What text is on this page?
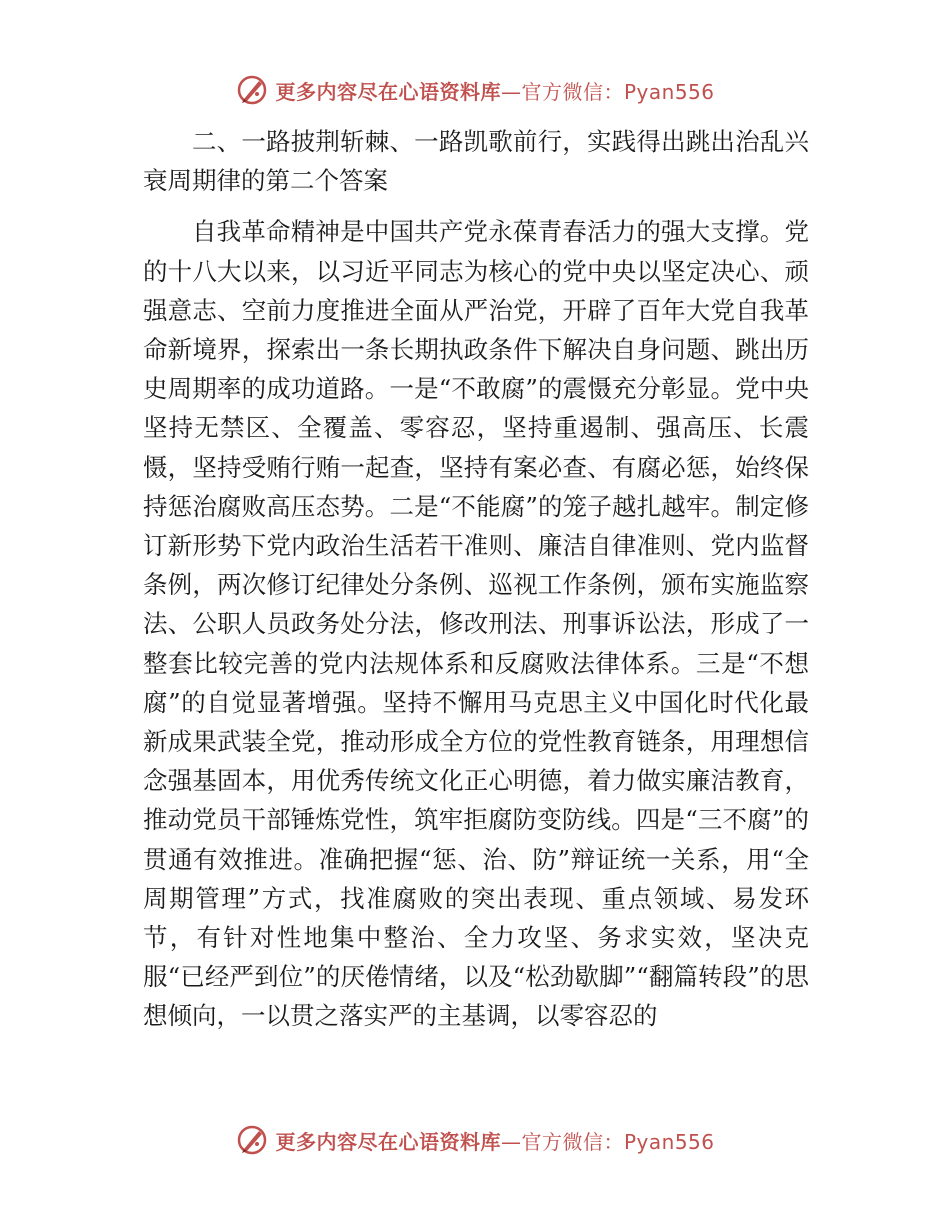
更多内容尽在心语资料库—官方微信：Pyan556

二、一路披荆斩棘、一路凯歌前行，实践得出跳出治乱兴衰周期律的第二个答案

自我革命精神是中国共产党永葆青春活力的强大支撑。党的十八大以来，以习近平同志为核心的党中央以坚定决心、顽强意志、空前力度推进全面从严治党，开辟了百年大党自我革命新境界，探索出一条长期执政条件下解决自身问题、跳出历史周期率的成功道路。一是“不敢腐”的震慑充分彰显。党中央坚持无禁区、全覆盖、零容忍，坚持重遏制、强高压、长震慑，坚持受贿行贿一起查，坚持有案必查、有腐必惩，始终保持惩治腐败高压态势。二是“不能腐”的笼子越扎越牢。制定修订新形势下党内政治生活若干准则、廉洁自律准则、党内监督条例，两次修订纪律处分条例、巡视工作条例，颁布实施监察法、公职人员政务处分法，修改刑法、刑事诉讼法，形成了一整套比较完善的党内法规体系和反腐败法律体系。三是“不想腐”的自觉显著增强。坚持不懈用马克思主义中国化时代化最新成果武装全党，推动形成全方位的党性教育链条，用理想信念强基固本，用优秀传统文化正心明德，着力做实廉洁教育，推动党员干部锤炼党性，筑牢拒腐防变防线。四是“三不腐”的贯通有效推进。准确把握“惩、治、防”辩证统一关系，用“全周期管理”方式，找准腐败的突出表现、重点领域、易发环节，有针对性地集中整治、全力攻坚、务求实效，坚决克服“已经严到位”的厌倦情绪，以及“松劲歇脚”“翻篇转段”的思想倾向，一以贯之落实严的主基调，以零容忍的

更多内容尽在心语资料库—官方微信：Pyan556
